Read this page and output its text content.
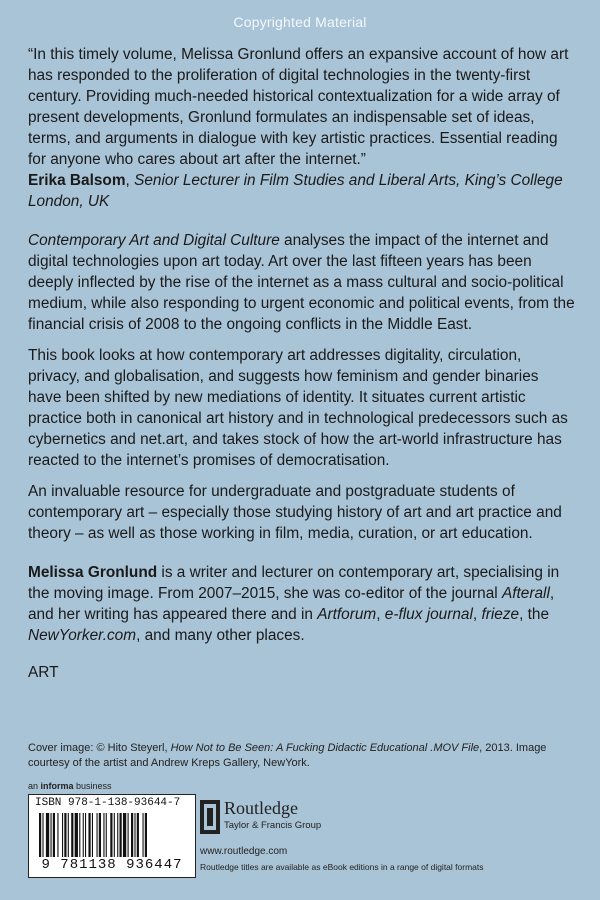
Copyrighted Material

“In this timely volume, Melissa Gronlund offers an expansive account of how art has responded to the proliferation of digital technologies in the twenty-first century. Providing much-needed historical contextualization for a wide array of present developments, Gronlund formulates an indispensable set of ideas, terms, and arguments in dialogue with key artistic practices. Essential reading for anyone who cares about art after the internet.”

Erika Balsom, Senior Lecturer in Film Studies and Liberal Arts, King’s College London, UK

Contemporary Art and Digital Culture analyses the impact of the internet and digital technologies upon art today. Art over the last fifteen years has been deeply inflected by the rise of the internet as a mass cultural and socio-political medium, while also responding to urgent economic and political events, from the financial crisis of 2008 to the ongoing conflicts in the Middle East.

This book looks at how contemporary art addresses digitality, circulation, privacy, and globalisation, and suggests how feminism and gender binaries have been shifted by new mediations of identity. It situates current artistic practice both in canonical art history and in technological predecessors such as cybernetics and net.art, and takes stock of how the art-world infrastructure has reacted to the internet’s promises of democratisation.

An invaluable resource for undergraduate and postgraduate students of contemporary art – especially those studying history of art and art practice and theory – as well as those working in film, media, curation, or art education.

Melissa Gronlund is a writer and lecturer on contemporary art, specialising in the moving image. From 2007–2015, she was co-editor of the journal Afterall, and her writing has appeared there and in Artforum, e-flux journal, frieze, the NewYorker.com, and many other places.

ART

Cover image: © Hito Steyerl, How Not to Be Seen: A Fucking Didactic Educational .MOV File, 2013. Image courtesy of the artist and Andrew Kreps Gallery, NewYork.
an informa business
ISBN 978-1-138-93644-7
9 781138 936447
Routledge
Taylor & Francis Group
www.routledge.com
Routledge titles are available as eBook editions in a range of digital formats
